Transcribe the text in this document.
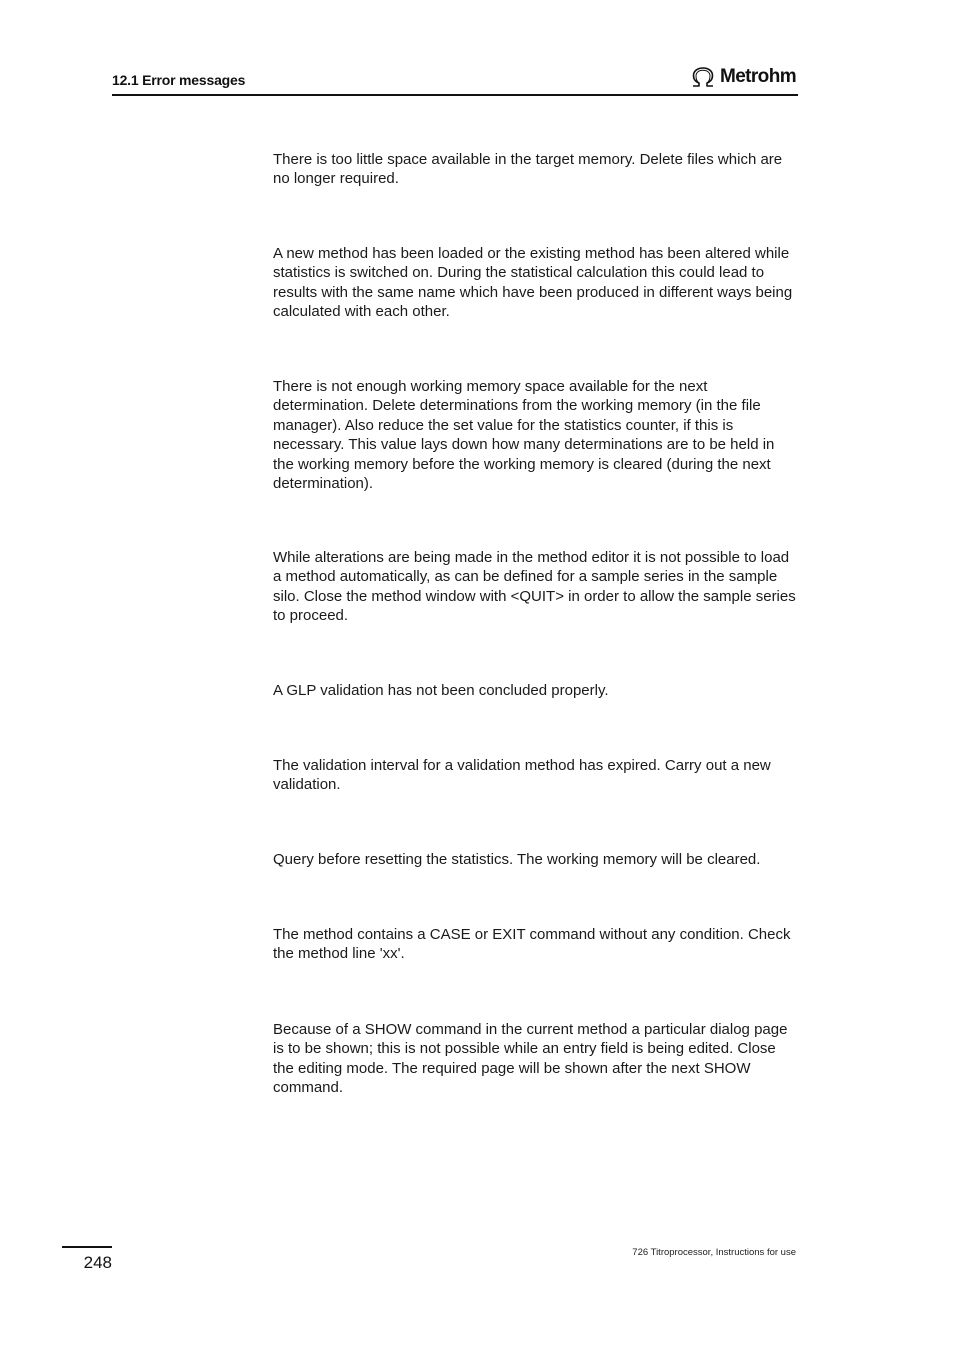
12.1 Error messages	Metrohm

There is too little space available in the target memory. Delete files which are no longer required.

A new method has been loaded or the existing method has been altered while statistics is switched on. During the statistical calculation this could lead to results with the same name which have been produced in different ways being calculated with each other.

There is not enough working memory space available for the next determination. Delete determinations from the working memory (in the file manager). Also reduce the set value for the statistics counter, if this is necessary. This value lays down how many determinations are to be held in the working memory before the working memory is cleared (during the next determination).

While alterations are being made in the method editor it is not possible to load a method automatically, as can be defined for a sample series in the sample silo. Close the method window with <QUIT> in order to allow the sample series to proceed.

A GLP validation has not been concluded properly.

The validation interval for a validation method has expired. Carry out a new validation.

Query before resetting the statistics. The working memory will be cleared.

The method contains a CASE or EXIT command without any condition. Check the method line 'xx'.

Because of a SHOW command in the current method a particular dialog page is to be shown; this is not possible while an entry field is being edited. Close the editing mode. The required page will be shown after the next SHOW command.

248
726 Titroprocessor, Instructions for use
